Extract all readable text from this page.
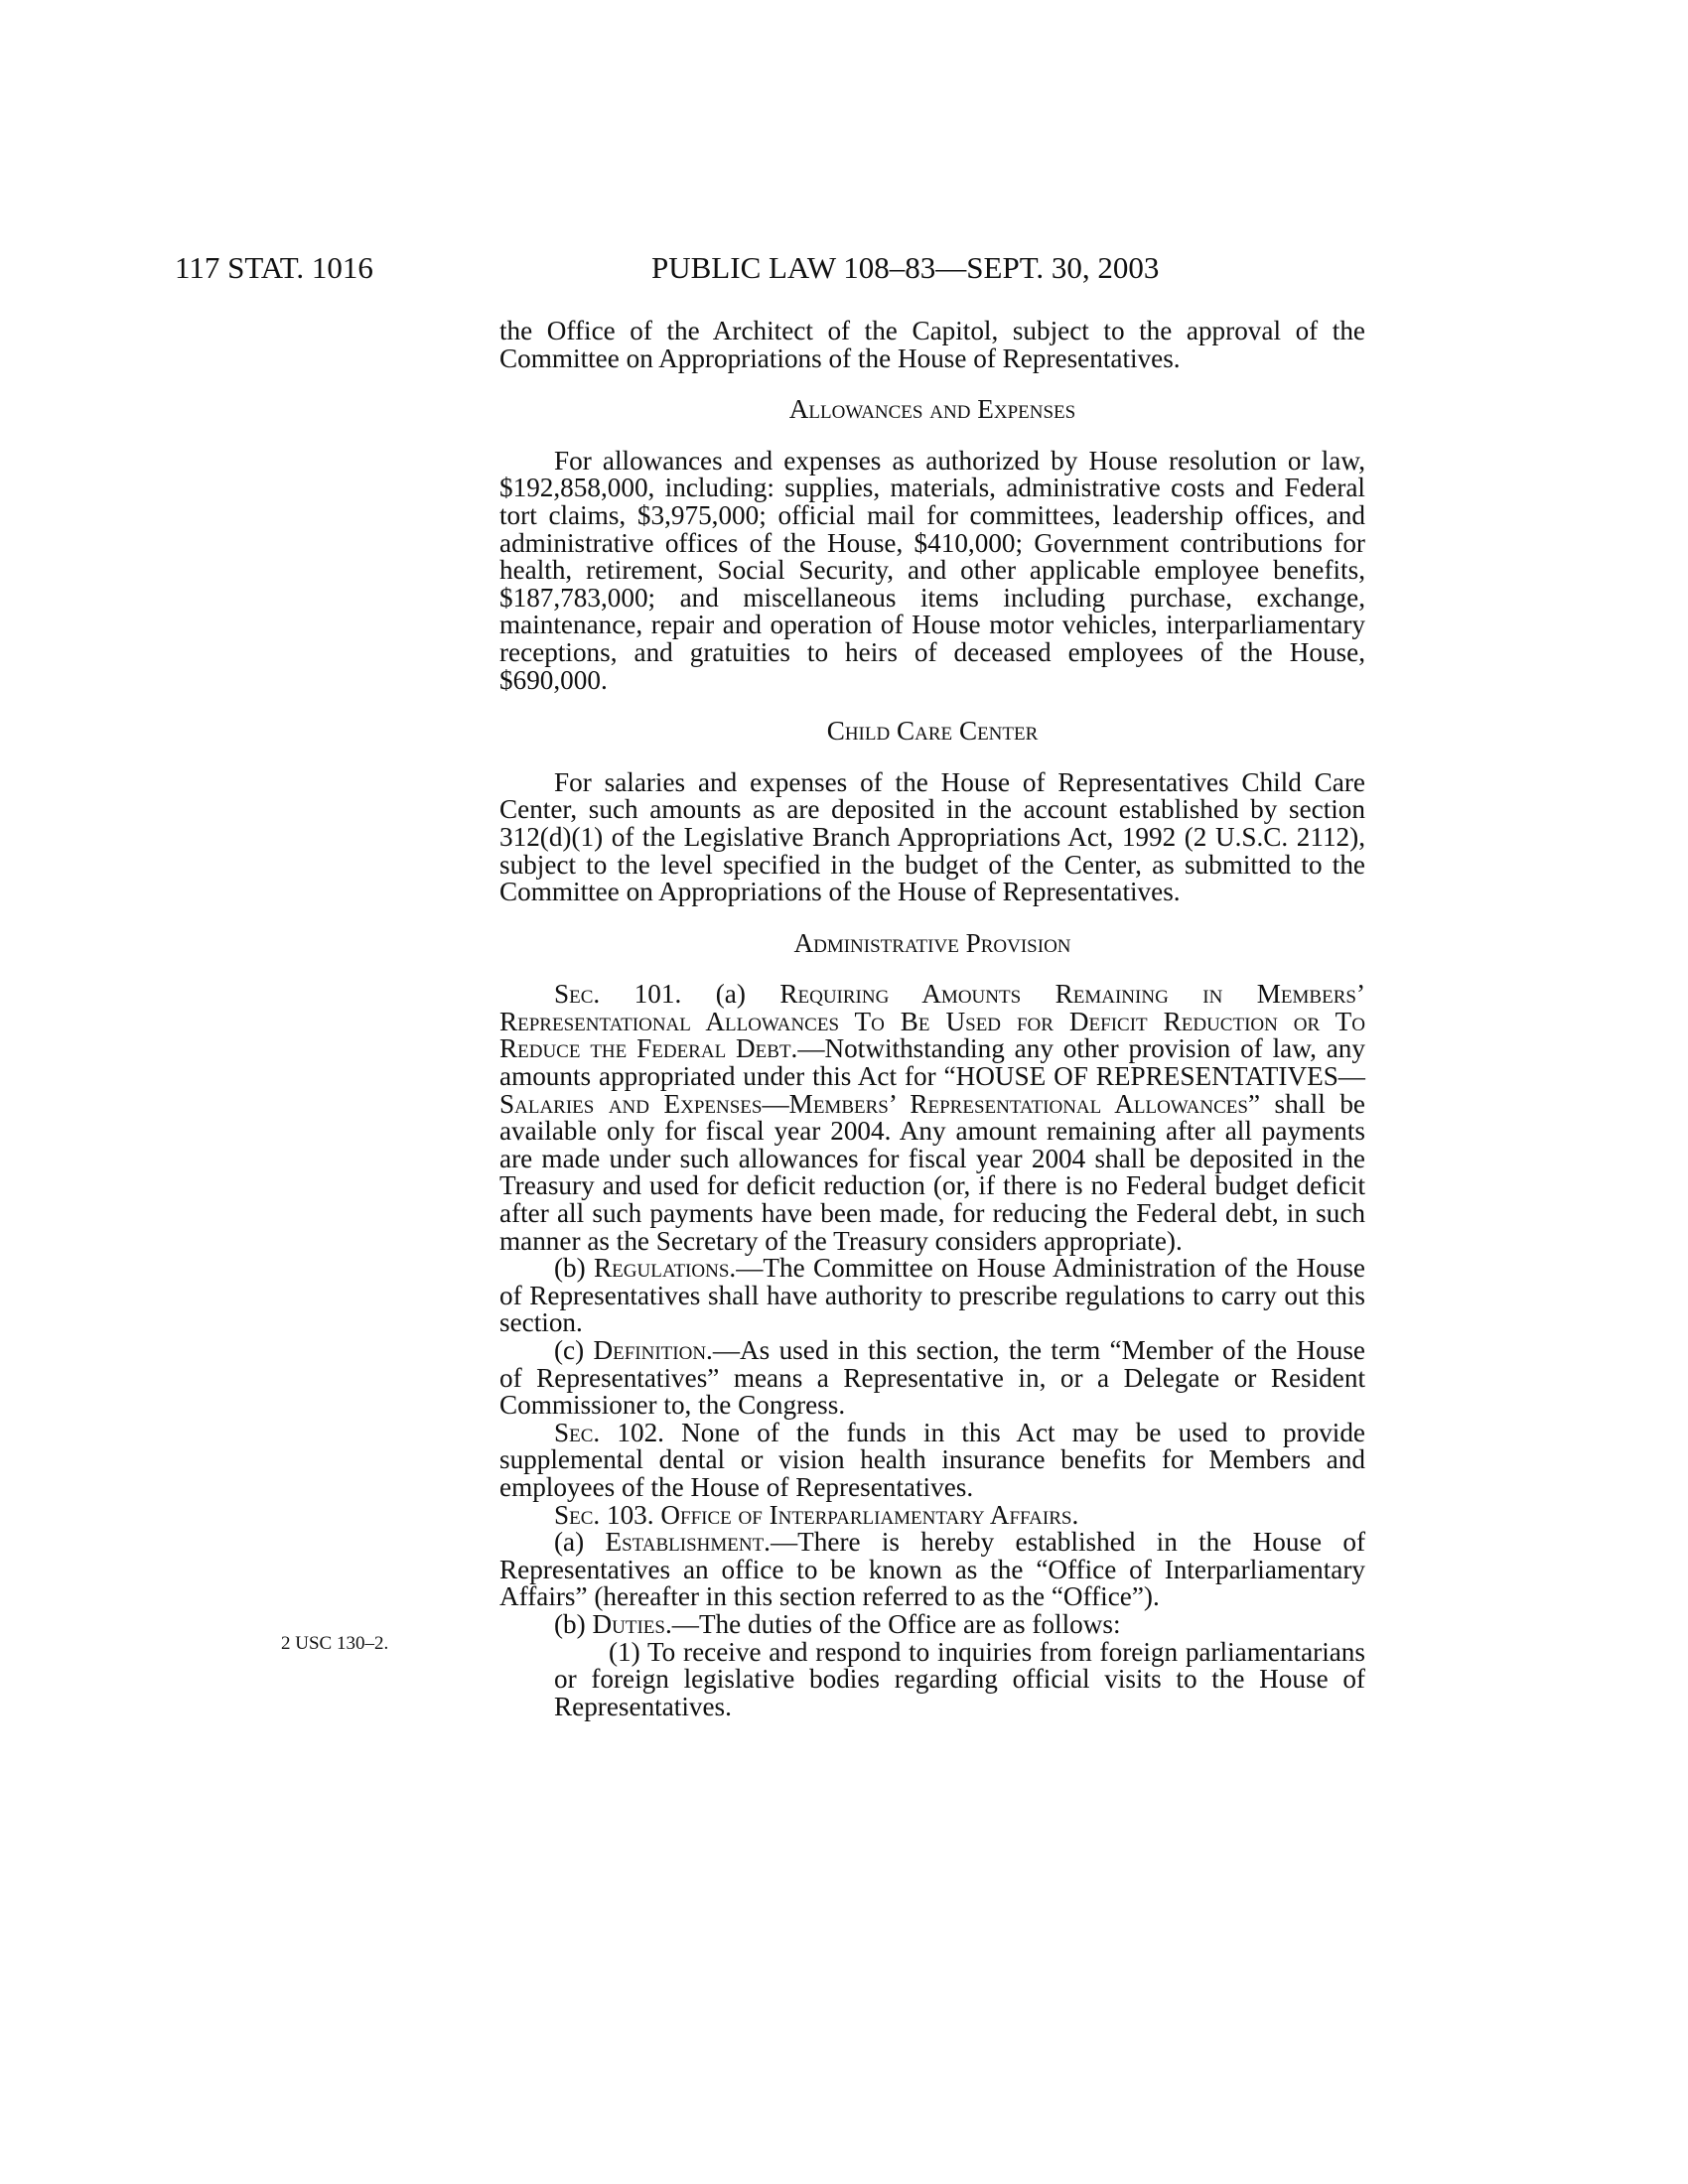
117 STAT. 1016	PUBLIC LAW 108–83—SEPT. 30, 2003
2 USC 130–2.

the Office of the Architect of the Capitol, subject to the approval of the Committee on Appropriations of the House of Representatives.

Allowances and Expenses

For allowances and expenses as authorized by House resolution or law, $192,858,000, including: supplies, materials, administrative costs and Federal tort claims, $3,975,000; official mail for committees, leadership offices, and administrative offices of the House, $410,000; Government contributions for health, retirement, Social Security, and other applicable employee benefits, $187,783,000; and miscellaneous items including purchase, exchange, maintenance, repair and operation of House motor vehicles, interparliamentary receptions, and gratuities to heirs of deceased employees of the House, $690,000.

Child Care Center

For salaries and expenses of the House of Representatives Child Care Center, such amounts as are deposited in the account established by section 312(d)(1) of the Legislative Branch Appropriations Act, 1992 (2 U.S.C. 2112), subject to the level specified in the budget of the Center, as submitted to the Committee on Appropriations of the House of Representatives.

Administrative Provision

Sec. 101. (a) Requiring Amounts Remaining in Members’ Representational Allowances To Be Used for Deficit Reduction or To Reduce the Federal Debt.—Notwithstanding any other provision of law, any amounts appropriated under this Act for “HOUSE OF REPRESENTATIVES—Salaries and Expenses—Members’ Representational Allowances” shall be available only for fiscal year 2004. Any amount remaining after all payments are made under such allowances for fiscal year 2004 shall be deposited in the Treasury and used for deficit reduction (or, if there is no Federal budget deficit after all such payments have been made, for reducing the Federal debt, in such manner as the Secretary of the Treasury considers appropriate).

(b) Regulations.—The Committee on House Administration of the House of Representatives shall have authority to prescribe regulations to carry out this section.

(c) Definition.—As used in this section, the term “Member of the House of Representatives” means a Representative in, or a Delegate or Resident Commissioner to, the Congress.

Sec. 102. None of the funds in this Act may be used to provide supplemental dental or vision health insurance benefits for Members and employees of the House of Representatives.

Sec. 103. Office of Interparliamentary Affairs.

(a) Establishment.—There is hereby established in the House of Representatives an office to be known as the “Office of Interparliamentary Affairs” (hereafter in this section referred to as the “Office”).

(b) Duties.—The duties of the Office are as follows:

(1) To receive and respond to inquiries from foreign parliamentarians or foreign legislative bodies regarding official visits to the House of Representatives.
